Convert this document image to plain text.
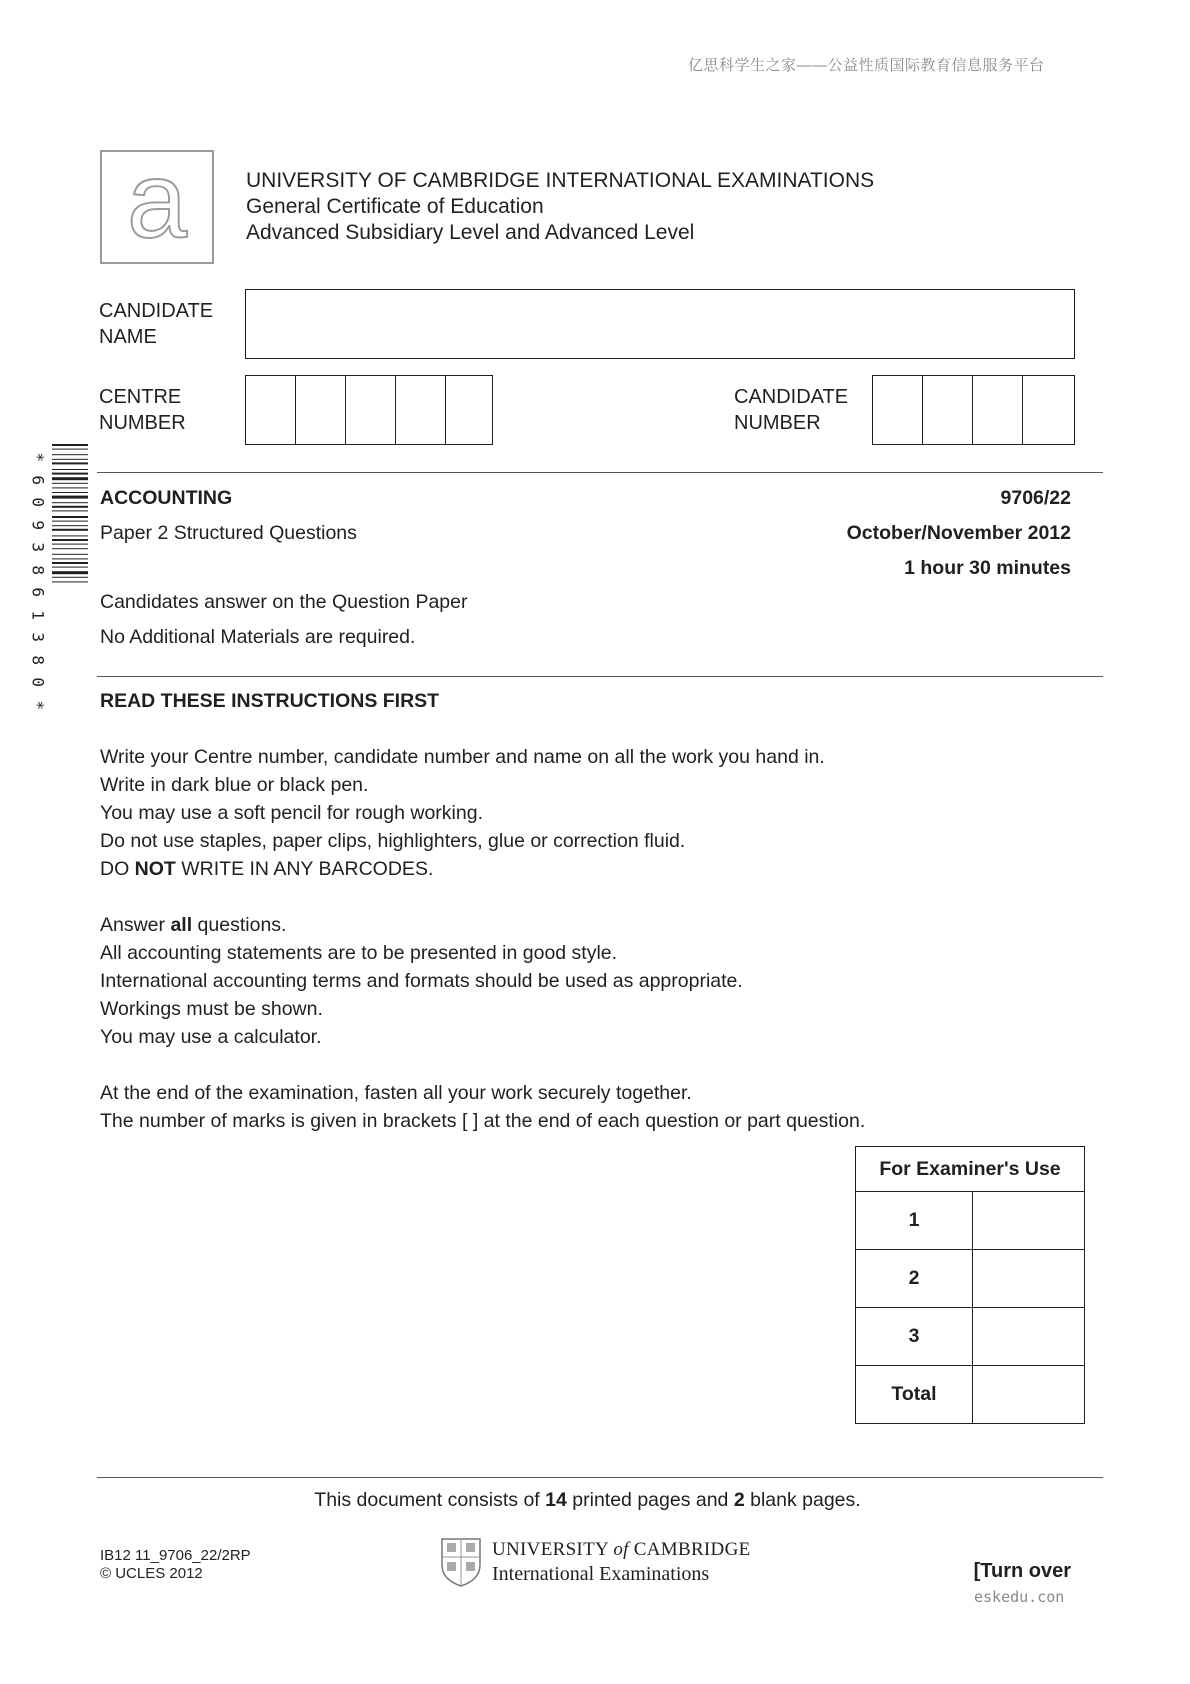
亿思科学生之家——公益性质国际教育信息服务平台
a	UNIVERSITY OF CAMBRIDGE INTERNATIONAL EXAMINATIONS
General Certificate of Education
Advanced Subsidiary Level and Advanced Level
CANDIDATE
NAME
CENTRE
NUMBER
CANDIDATE
NUMBER
*
6
0
9
3
8
6
1
3
8
0
*
ACCOUNTING	9706/22
Paper 2 Structured Questions	October/November 2012
1 hour 30 minutes
Candidates answer on the Question Paper
No Additional Materials are required.
READ THESE INSTRUCTIONS FIRST
Write your Centre number, candidate number and name on all the work you hand in.
Write in dark blue or black pen.
You may use a soft pencil for rough working.
Do not use staples, paper clips, highlighters, glue or correction fluid.
DO NOT WRITE IN ANY BARCODES.
Answer all questions.
All accounting statements are to be presented in good style.
International accounting terms and formats should be used as appropriate.
Workings must be shown.
You may use a calculator.
At the end of the examination, fasten all your work securely together.
The number of marks is given in brackets [ ] at the end of each question or part question.
For Examiner's Use	
1	
2	
3	
Total	
This document consists of 14 printed pages and 2 blank pages.
IB12 11_9706_22/2RP
© UCLES 2012
UNIVERSITY of CAMBRIDGE
International Examinations	[Turn over
eskedu.con
